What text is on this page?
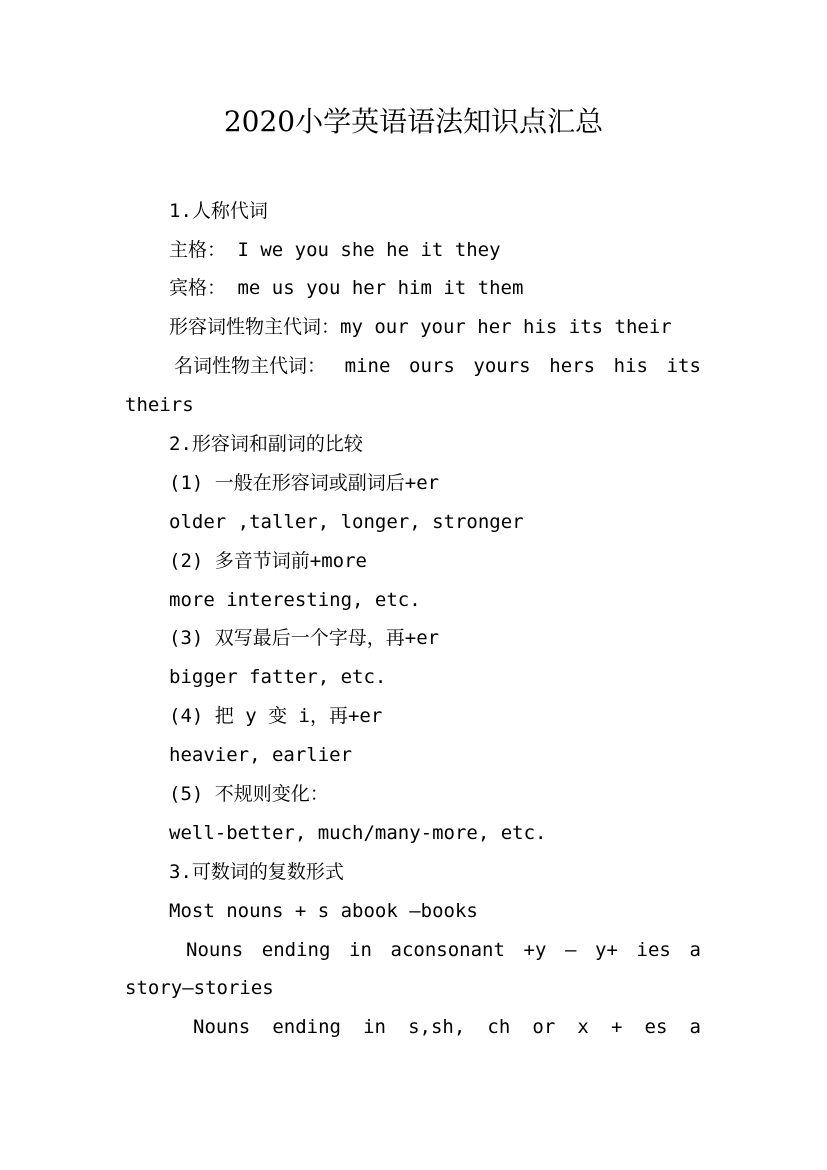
2020小学英语语法知识点汇总
1.人称代词
主格： I we you she he it they
宾格： me us you her him it them
形容词性物主代词：my our your her his its their
名词性物主代词： mine ours yours hers his its
theirs
2.形容词和副词的比较
(1) 一般在形容词或副词后+er
older ,taller, longer, stronger
(2) 多音节词前+more
more interesting, etc.
(3) 双写最后一个字母，再+er
bigger fatter, etc.
(4) 把 y 变 i，再+er
heavier, earlier
(5) 不规则变化：
well-better, much/many-more, etc.
3.可数词的复数形式
Most nouns + s abook –books
Nouns ending in aconsonant +y – y+ ies a
story—stories
Nouns ending in s,sh, ch or x + es a
